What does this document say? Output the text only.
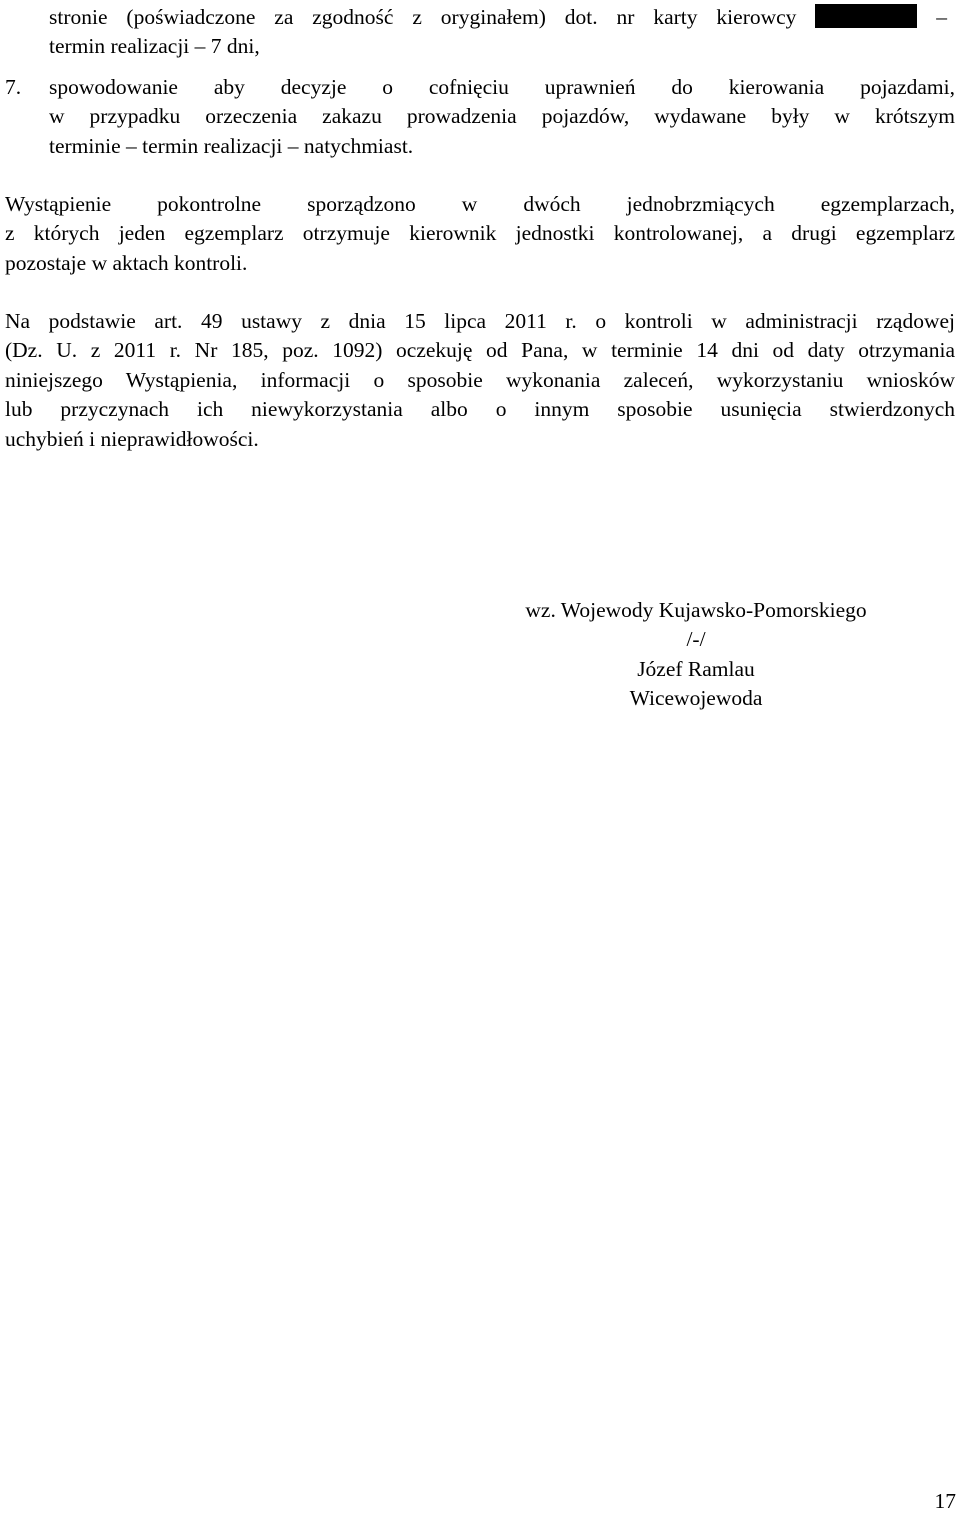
stronie (poświadczone za zgodność z oryginałem) dot. nr karty kierowcy	–
termin realizacji – 7 dni,
7. spowodowanie aby decyzje o cofnięciu uprawnień do kierowania pojazdami,
w przypadku orzeczenia zakazu prowadzenia pojazdów, wydawane były w krótszym
terminie – termin realizacji – natychmiast.
Wystąpienie pokontrolne sporządzono w dwóch jednobrzmiących egzemplarzach,
z których jeden egzemplarz otrzymuje kierownik jednostki kontrolowanej, a drugi egzemplarz
pozostaje w aktach kontroli.
Na podstawie art. 49 ustawy z dnia 15 lipca 2011 r. o kontroli w administracji rządowej
(Dz. U. z 2011 r. Nr 185, poz. 1092) oczekuję od Pana, w terminie 14 dni od daty otrzymania
niniejszego Wystąpienia, informacji o sposobie wykonania zaleceń, wykorzystaniu wniosków
lub przyczynach ich niewykorzystania albo o innym sposobie usunięcia stwierdzonych
uchybień i nieprawidłowości.
wz. Wojewody Kujawsko-Pomorskiego
/-/
Józef Ramlau
Wicewojewoda
17
